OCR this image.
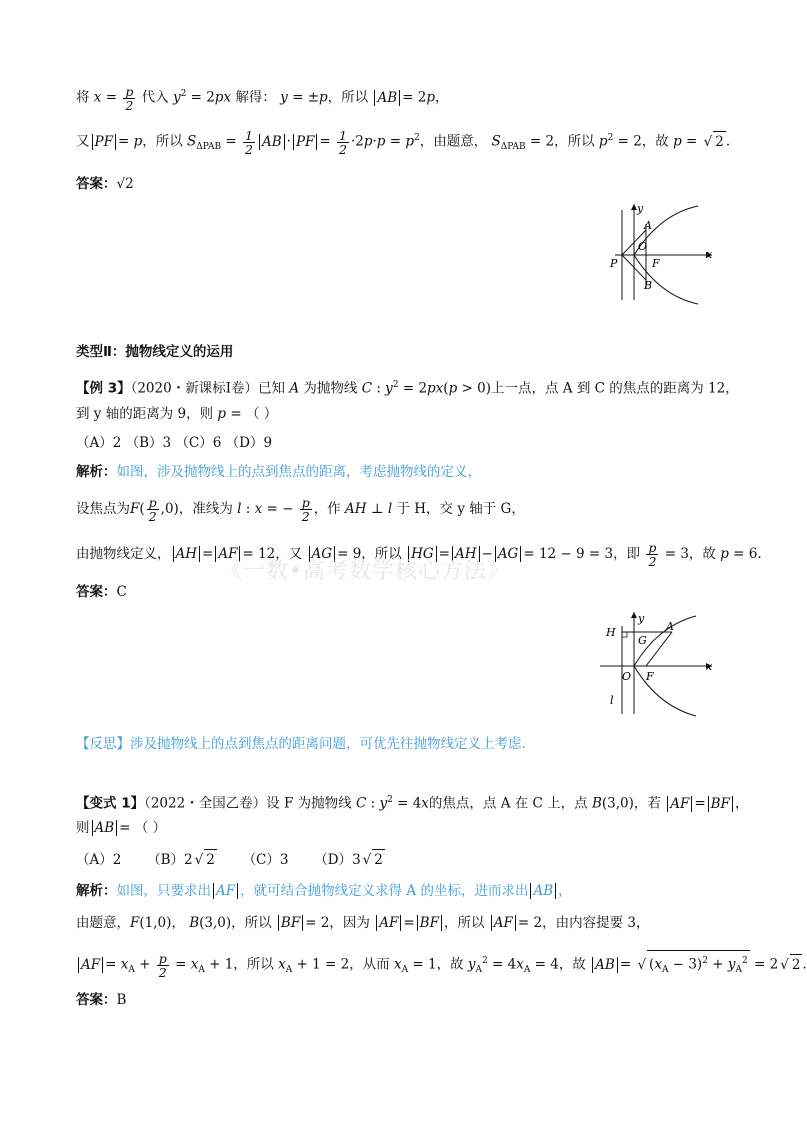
将 $x = \frac{p}{2}$ 代入 $y^2 = 2px$ 解得： y = ±p，所以 AB = 2p，
又 PF = p，所以 $S_{\Delta PAB} = \frac{1}{2}$ AB · PF = $\frac{1}{2} \cdot 2p\cdot p = p^2$，由题意， $S_{\Delta PAB} = 2$，所以 $p^2 = 2$，故 p = √ 2 .
答案：√2
y
A
O
F
x
P
B
类型Ⅱ：抛物线定义的运用
【例 3】（2020・新课标Ⅰ卷）已知 A 为抛物线 C : $y^2 = 2px(p > 0)$上一点，点 A 到 C 的焦点的距离为 12，
到 y 轴的距离为 9，则 p = （ ）
（A）2 （B）3 （C）6 （D）9
解析：如图，涉及抛物线上的点到焦点的距离，考虑抛物线的定义，
设焦点为$F( \frac{p}{2} ,0)$，准线为 l : x = − $\frac{p}{2}$ ，作 AH ⊥ l 于 H，交 y 轴于 G，
由抛物线定义， AH = AF = 12，又 AG = 9，所以 HG = AH − AG = 12 − 9 = 3，即 $\frac{p}{2} = 3$，故 p = 6.
《一数•高考数学核心方法》
答案：C
y
A
H
G
x
O F
l
【反思】涉及抛物线上的点到焦点的距离问题，可优先往抛物线定义上考虑.
【变式 1】（2022・全国乙卷）设 F 为抛物线 C : $y^2 = 4x$的焦点，点 A 在 C 上，点 B(3,0)，若 AF = BF ，
则 AB = （ ）
（A）2 （B）2 √ 2 （C）3 （D）3 √ 2
解析：如图，只要求出 AF ，就可结合抛物线定义求得 A 的坐标，进而求出 AB ，
由题意，F(1,0)， B(3,0)，所以 BF = 2，因为 AF = BF ，所以 AF = 2，由内容提要 3，
AF = $x_A + \frac{p}{2} = x_A + 1$，所以 $x_A + 1 = 2$，从而 $x_A = 1$，故 $y_A^2 = 4x_A = 4$，故 AB = √ $(x_A - 3)^2 + y_A^2 = 2$ √ 2 .
答案：B
